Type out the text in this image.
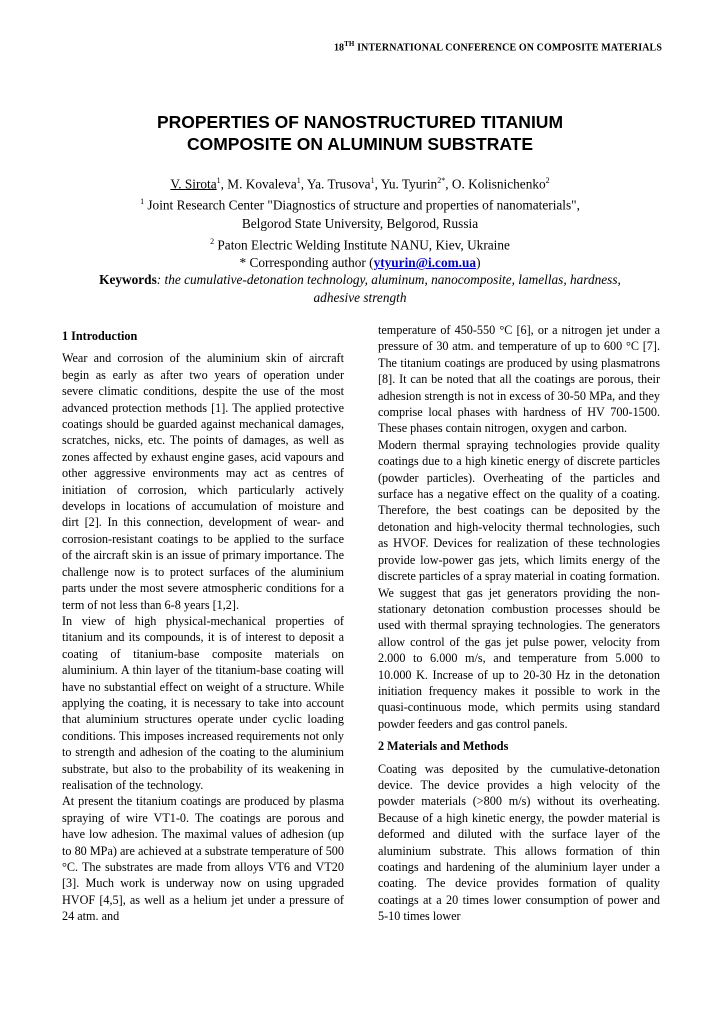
18TH INTERNATIONAL CONFERENCE ON COMPOSITE MATERIALS
PROPERTIES OF NANOSTRUCTURED TITANIUM
COMPOSITE ON ALUMINUM SUBSTRATE
V. Sirota$^1$, M. Kovaleva$^1$, Ya. Trusova$^1$, Yu. Tyurin$^{2*}$, O. Kolisnichenko$^2$
$^1$ Joint Research Center "Diagnostics of structure and properties of nanomaterials",
Belgorod State University, Belgorod, Russia
$^2$ Paton Electric Welding Institute NANU, Kiev, Ukraine
* Corresponding author (ytyurin@i.com.ua)
Keywords: the cumulative-detonation technology, aluminum, nanocomposite, lamellas, hardness, adhesive strength
1 Introduction

Wear and corrosion of the aluminium skin of aircraft begin as early as after two years of operation under severe climatic conditions, despite the use of the most advanced protection methods [1]. The applied protective coatings should be guarded against mechanical damages, scratches, nicks, etc. The points of damages, as well as zones affected by exhaust engine gases, acid vapours and other aggressive environments may act as centres of initiation of corrosion, which particularly actively develops in locations of accumulation of moisture and dirt [2]. In this connection, development of wear- and corrosion-resistant coatings to be applied to the surface of the aircraft skin is an issue of primary importance. The challenge now is to protect surfaces of the aluminium parts under the most severe atmospheric conditions for a term of not less than 6-8 years [1,2].

In view of high physical-mechanical properties of titanium and its compounds, it is of interest to deposit a coating of titanium-base composite materials on aluminium. A thin layer of the titanium-base coating will have no substantial effect on weight of a structure. While applying the coating, it is necessary to take into account that aluminium structures operate under cyclic loading conditions. This imposes increased requirements not only to strength and adhesion of the coating to the aluminium substrate, but also to the probability of its weakening in realisation of the technology.

At present the titanium coatings are produced by plasma spraying of wire VT1-0. The coatings are porous and have low adhesion. The maximal values of adhesion (up to 80 MPa) are achieved at a substrate temperature of 500 °C. The substrates are made from alloys VT6 and VT20 [3]. Much work is underway now on using upgraded HVOF [4,5], as well as a helium jet under a pressure of 24 atm. and

temperature of 450-550 °C [6], or a nitrogen jet under a pressure of 30 atm. and temperature of up to 600 °C [7]. The titanium coatings are produced by using plasmatrons [8]. It can be noted that all the coatings are porous, their adhesion strength is not in excess of 30-50 MPa, and they comprise local phases with hardness of HV 700-1500. These phases contain nitrogen, oxygen and carbon.

Modern thermal spraying technologies provide quality coatings due to a high kinetic energy of discrete particles (powder particles). Overheating of the particles and surface has a negative effect on the quality of a coating. Therefore, the best coatings can be deposited by the detonation and high-velocity thermal technologies, such as HVOF. Devices for realization of these technologies provide low-power gas jets, which limits energy of the discrete particles of a spray material in coating formation.

We suggest that gas jet generators providing the non-stationary detonation combustion processes should be used with thermal spraying technologies. The generators allow control of the gas jet pulse power, velocity from 2.000 to 6.000 m/s, and temperature from 5.000 to 10.000 K. Increase of up to 20-30 Hz in the detonation initiation frequency makes it possible to work in the quasi-continuous mode, which permits using standard powder feeders and gas control panels.

2 Materials and Methods

Coating was deposited by the cumulative-detonation device. The device provides a high velocity of the powder materials (>800 m/s) without its overheating. Because of a high kinetic energy, the powder material is deformed and diluted with the surface layer of the aluminium substrate. This allows formation of thin coatings and hardening of the aluminium layer under a coating. The device provides formation of quality coatings at a 20 times lower consumption of power and 5-10 times lower
